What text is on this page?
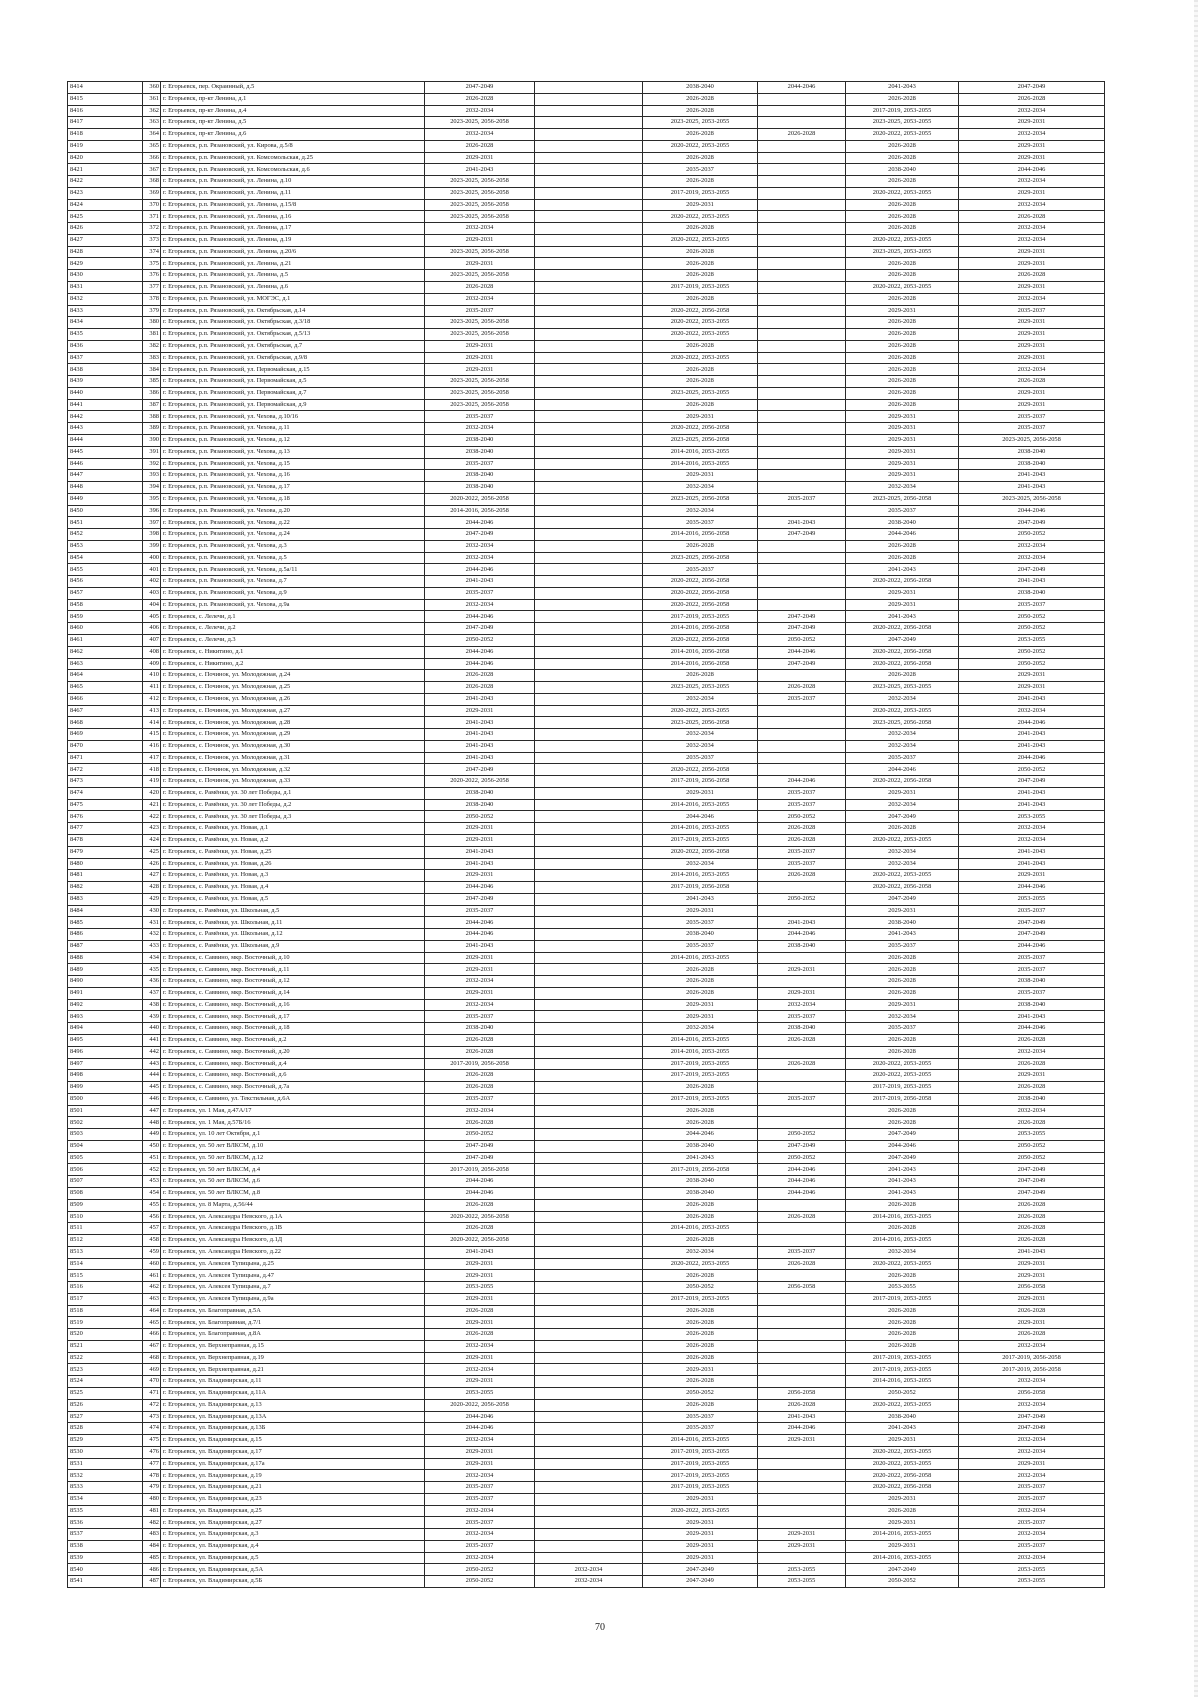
8414	360	г. Егорьевск, пер. Окраинный, д.5	2047-2049		2038-2040	2044-2046	2041-2043	2047-2049
8415	361	г. Егорьевск, пр-кт Ленина, д.1	2026-2028		2026-2028		2026-2028	2026-2028
8416	362	г. Егорьевск, пр-кт Ленина, д.4	2032-2034		2026-2028		2017-2019, 2053-2055	2032-2034
8417	363	г. Егорьевск, пр-кт Ленина, д.5	2023-2025, 2056-2058		2023-2025, 2053-2055		2023-2025, 2053-2055	2029-2031
8418	364	г. Егорьевск, пр-кт Ленина, д.6	2032-2034		2026-2028	2026-2028	2020-2022, 2053-2055	2032-2034
8419	365	г. Егорьевск, р.п. Рязановский, ул. Кирова, д.5/8	2026-2028		2020-2022, 2053-2055		2026-2028	2029-2031
8420	366	г. Егорьевск, р.п. Рязановский, ул. Комсомольская, д.25	2029-2031		2026-2028		2026-2028	2029-2031
8421	367	г. Егорьевск, р.п. Рязановский, ул. Комсомольская, д.6	2041-2043		2035-2037		2038-2040	2044-2046
8422	368	г. Егорьевск, р.п. Рязановский, ул. Ленина, д.10	2023-2025, 2056-2058		2026-2028		2026-2028	2032-2034
8423	369	г. Егорьевск, р.п. Рязановский, ул. Ленина, д.11	2023-2025, 2056-2058		2017-2019, 2053-2055		2020-2022, 2053-2055	2029-2031
8424	370	г. Егорьевск, р.п. Рязановский, ул. Ленина, д.15/8	2023-2025, 2056-2058		2029-2031		2026-2028	2032-2034
8425	371	г. Егорьевск, р.п. Рязановский, ул. Ленина, д.16	2023-2025, 2056-2058		2020-2022, 2053-2055		2026-2028	2026-2028
8426	372	г. Егорьевск, р.п. Рязановский, ул. Ленина, д.17	2032-2034		2026-2028		2026-2028	2032-2034
8427	373	г. Егорьевск, р.п. Рязановский, ул. Ленина, д.19	2029-2031		2020-2022, 2053-2055		2020-2022, 2053-2055	2032-2034
8428	374	г. Егорьевск, р.п. Рязановский, ул. Ленина, д.20/6	2023-2025, 2056-2058		2026-2028		2023-2025, 2053-2055	2029-2031
8429	375	г. Егорьевск, р.п. Рязановский, ул. Ленина, д.21	2029-2031		2026-2028		2026-2028	2029-2031
8430	376	г. Егорьевск, р.п. Рязановский, ул. Ленина, д.5	2023-2025, 2056-2058		2026-2028		2026-2028	2026-2028
8431	377	г. Егорьевск, р.п. Рязановский, ул. Ленина, д.6	2026-2028		2017-2019, 2053-2055		2020-2022, 2053-2055	2029-2031
8432	378	г. Егорьевск, р.п. Рязановский, ул. МОГЭС, д.1	2032-2034		2026-2028		2026-2028	2032-2034
8433	379	г. Егорьевск, р.п. Рязановский, ул. Октябрьская, д.14	2035-2037		2020-2022, 2056-2058		2029-2031	2035-2037
8434	380	г. Егорьевск, р.п. Рязановский, ул. Октябрьская, д.3/18	2023-2025, 2056-2058		2020-2022, 2053-2055		2026-2028	2029-2031
8435	381	г. Егорьевск, р.п. Рязановский, ул. Октябрьская, д.5/13	2023-2025, 2056-2058		2020-2022, 2053-2055		2026-2028	2029-2031
8436	382	г. Егорьевск, р.п. Рязановский, ул. Октябрьская, д.7	2029-2031		2026-2028		2026-2028	2029-2031
8437	383	г. Егорьевск, р.п. Рязановский, ул. Октябрьская, д.9/8	2029-2031		2020-2022, 2053-2055		2026-2028	2029-2031
8438	384	г. Егорьевск, р.п. Рязановский, ул. Первомайская, д.15	2029-2031		2026-2028		2026-2028	2032-2034
8439	385	г. Егорьевск, р.п. Рязановский, ул. Первомайская, д.5	2023-2025, 2056-2058		2026-2028		2026-2028	2026-2028
8440	386	г. Егорьевск, р.п. Рязановский, ул. Первомайская, д.7	2023-2025, 2056-2058		2023-2025, 2053-2055		2026-2028	2029-2031
8441	387	г. Егорьевск, р.п. Рязановский, ул. Первомайская, д.9	2023-2025, 2056-2058		2026-2028		2026-2028	2029-2031
8442	388	г. Егорьевск, р.п. Рязановский, ул. Чехова, д.10/16	2035-2037		2029-2031		2029-2031	2035-2037
8443	389	г. Егорьевск, р.п. Рязановский, ул. Чехова, д.11	2032-2034		2020-2022, 2056-2058		2029-2031	2035-2037
8444	390	г. Егорьевск, р.п. Рязановский, ул. Чехова, д.12	2038-2040		2023-2025, 2056-2058		2029-2031	2023-2025, 2056-2058
8445	391	г. Егорьевск, р.п. Рязановский, ул. Чехова, д.13	2038-2040		2014-2016, 2053-2055		2029-2031	2038-2040
8446	392	г. Егорьевск, р.п. Рязановский, ул. Чехова, д.15	2035-2037		2014-2016, 2053-2055		2029-2031	2038-2040
8447	393	г. Егорьевск, р.п. Рязановский, ул. Чехова, д.16	2038-2040		2029-2031		2029-2031	2041-2043
8448	394	г. Егорьевск, р.п. Рязановский, ул. Чехова, д.17	2038-2040		2032-2034		2032-2034	2041-2043
8449	395	г. Егорьевск, р.п. Рязановский, ул. Чехова, д.18	2020-2022, 2056-2058		2023-2025, 2056-2058	2035-2037	2023-2025, 2056-2058	2023-2025, 2056-2058
8450	396	г. Егорьевск, р.п. Рязановский, ул. Чехова, д.20	2014-2016, 2056-2058		2032-2034		2035-2037	2044-2046
8451	397	г. Егорьевск, р.п. Рязановский, ул. Чехова, д.22	2044-2046		2035-2037	2041-2043	2038-2040	2047-2049
8452	398	г. Егорьевск, р.п. Рязановский, ул. Чехова, д.24	2047-2049		2014-2016, 2056-2058	2047-2049	2044-2046	2050-2052
8453	399	г. Егорьевск, р.п. Рязановский, ул. Чехова, д.3	2032-2034		2026-2028		2026-2028	2032-2034
8454	400	г. Егорьевск, р.п. Рязановский, ул. Чехова, д.5	2032-2034		2023-2025, 2056-2058		2026-2028	2032-2034
8455	401	г. Егорьевск, р.п. Рязановский, ул. Чехова, д.5а/11	2044-2046		2035-2037		2041-2043	2047-2049
8456	402	г. Егорьевск, р.п. Рязановский, ул. Чехова, д.7	2041-2043		2020-2022, 2056-2058		2020-2022, 2056-2058	2041-2043
8457	403	г. Егорьевск, р.п. Рязановский, ул. Чехова, д.9	2035-2037		2020-2022, 2056-2058		2029-2031	2038-2040
8458	404	г. Егорьевск, р.п. Рязановский, ул. Чехова, д.9а	2032-2034		2020-2022, 2056-2058		2029-2031	2035-2037
8459	405	г. Егорьевск, с. Лелечи, д.1	2044-2046		2017-2019, 2053-2055	2047-2049	2041-2043	2050-2052
8460	406	г. Егорьевск, с. Лелечи, д.2	2047-2049		2014-2016, 2056-2058	2047-2049	2020-2022, 2056-2058	2050-2052
8461	407	г. Егорьевск, с. Лелечи, д.3	2050-2052		2020-2022, 2056-2058	2050-2052	2047-2049	2053-2055
8462	408	г. Егорьевск, с. Никитино, д.1	2044-2046		2014-2016, 2056-2058	2044-2046	2020-2022, 2056-2058	2050-2052
8463	409	г. Егорьевск, с. Никитино, д.2	2044-2046		2014-2016, 2056-2058	2047-2049	2020-2022, 2056-2058	2050-2052
8464	410	г. Егорьевск, с. Починок, ул. Молодежная, д.24	2026-2028		2026-2028		2026-2028	2029-2031
8465	411	г. Егорьевск, с. Починок, ул. Молодежная, д.25	2026-2028		2023-2025, 2053-2055	2026-2028	2023-2025, 2053-2055	2029-2031
8466	412	г. Егорьевск, с. Починок, ул. Молодежная, д.26	2041-2043		2032-2034	2035-2037	2032-2034	2041-2043
8467	413	г. Егорьевск, с. Починок, ул. Молодежная, д.27	2029-2031		2020-2022, 2053-2055		2020-2022, 2053-2055	2032-2034
8468	414	г. Егорьевск, с. Починок, ул. Молодежная, д.28	2041-2043		2023-2025, 2056-2058		2023-2025, 2056-2058	2044-2046
8469	415	г. Егорьевск, с. Починок, ул. Молодежная, д.29	2041-2043		2032-2034		2032-2034	2041-2043
8470	416	г. Егорьевск, с. Починок, ул. Молодежная, д.30	2041-2043		2032-2034		2032-2034	2041-2043
8471	417	г. Егорьевск, с. Починок, ул. Молодежная, д.31	2041-2043		2035-2037		2035-2037	2044-2046
8472	418	г. Егорьевск, с. Починок, ул. Молодежная, д.32	2047-2049		2020-2022, 2056-2058		2044-2046	2050-2052
8473	419	г. Егорьевск, с. Починок, ул. Молодежная, д.33	2020-2022, 2056-2058		2017-2019, 2056-2058	2044-2046	2020-2022, 2056-2058	2047-2049
8474	420	г. Егорьевск, с. Рамёнки, ул. 30 лет Победы, д.1	2038-2040		2029-2031	2035-2037	2029-2031	2041-2043
8475	421	г. Егорьевск, с. Рамёнки, ул. 30 лет Победы, д.2	2038-2040		2014-2016, 2053-2055	2035-2037	2032-2034	2041-2043
8476	422	г. Егорьевск, с. Рамёнки, ул. 30 лет Победы, д.3	2050-2052		2044-2046	2050-2052	2047-2049	2053-2055
8477	423	г. Егорьевск, с. Рамёнки, ул. Новая, д.1	2029-2031		2014-2016, 2053-2055	2026-2028	2026-2028	2032-2034
8478	424	г. Егорьевск, с. Рамёнки, ул. Новая, д.2	2029-2031		2017-2019, 2053-2055	2026-2028	2020-2022, 2053-2055	2032-2034
8479	425	г. Егорьевск, с. Рамёнки, ул. Новая, д.25	2041-2043		2020-2022, 2056-2058	2035-2037	2032-2034	2041-2043
8480	426	г. Егорьевск, с. Рамёнки, ул. Новая, д.26	2041-2043		2032-2034	2035-2037	2032-2034	2041-2043
8481	427	г. Егорьевск, с. Рамёнки, ул. Новая, д.3	2029-2031		2014-2016, 2053-2055	2026-2028	2020-2022, 2053-2055	2029-2031
8482	428	г. Егорьевск, с. Рамёнки, ул. Новая, д.4	2044-2046		2017-2019, 2056-2058		2020-2022, 2056-2058	2044-2046
8483	429	г. Егорьевск, с. Рамёнки, ул. Новая, д.5	2047-2049		2041-2043	2050-2052	2047-2049	2053-2055
8484	430	г. Егорьевск, с. Рамёнки, ул. Школьная, д.5	2035-2037		2029-2031		2029-2031	2035-2037
8485	431	г. Егорьевск, с. Рамёнки, ул. Школьная, д.11	2044-2046		2035-2037	2041-2043	2038-2040	2047-2049
8486	432	г. Егорьевск, с. Рамёнки, ул. Школьная, д.12	2044-2046		2038-2040	2044-2046	2041-2043	2047-2049
8487	433	г. Егорьевск, с. Рамёнки, ул. Школьная, д.9	2041-2043		2035-2037	2038-2040	2035-2037	2044-2046
8488	434	г. Егорьевск, с. Саввино, мкр. Восточный, д.10	2029-2031		2014-2016, 2053-2055		2026-2028	2035-2037
8489	435	г. Егорьевск, с. Саввино, мкр. Восточный, д.11	2029-2031		2026-2028	2029-2031	2026-2028	2035-2037
8490	436	г. Егорьевск, с. Саввино, мкр. Восточный, д.12	2032-2034		2026-2028		2026-2028	2038-2040
8491	437	г. Егорьевск, с. Саввино, мкр. Восточный, д.14	2029-2031		2026-2028	2029-2031	2026-2028	2035-2037
8492	438	г. Егорьевск, с. Саввино, мкр. Восточный, д.16	2032-2034		2029-2031	2032-2034	2029-2031	2038-2040
8493	439	г. Егорьевск, с. Саввино, мкр. Восточный, д.17	2035-2037		2029-2031	2035-2037	2032-2034	2041-2043
8494	440	г. Егорьевск, с. Саввино, мкр. Восточный, д.18	2038-2040		2032-2034	2038-2040	2035-2037	2044-2046
8495	441	г. Егорьевск, с. Саввино, мкр. Восточный, д.2	2026-2028		2014-2016, 2053-2055	2026-2028	2026-2028	2026-2028
8496	442	г. Егорьевск, с. Саввино, мкр. Восточный, д.20	2026-2028		2014-2016, 2053-2055		2026-2028	2032-2034
8497	443	г. Егорьевск, с. Саввино, мкр. Восточный, д.4	2017-2019, 2056-2058		2017-2019, 2053-2055	2026-2028	2020-2022, 2053-2055	2026-2028
8498	444	г. Егорьевск, с. Саввино, мкр. Восточный, д.6	2026-2028		2017-2019, 2053-2055		2020-2022, 2053-2055	2029-2031
8499	445	г. Егорьевск, с. Саввино, мкр. Восточный, д.7а	2026-2028		2026-2028		2017-2019, 2053-2055	2026-2028
8500	446	г. Егорьевск, с. Саввино, ул. Текстильная, д.6А	2035-2037		2017-2019, 2053-2055	2035-2037	2017-2019, 2056-2058	2038-2040
8501	447	г. Егорьевск, ул. 1 Мая, д.47А/17	2032-2034		2026-2028		2026-2028	2032-2034
8502	448	г. Егорьевск, ул. 1 Мая, д.57Б/16	2026-2028		2026-2028		2026-2028	2026-2028
8503	449	г. Егорьевск, ул. 10 лет Октября, д.1	2050-2052		2044-2046	2050-2052	2047-2049	2053-2055
8504	450	г. Егорьевск, ул. 50 лет ВЛКСМ, д.10	2047-2049		2038-2040	2047-2049	2044-2046	2050-2052
8505	451	г. Егорьевск, ул. 50 лет ВЛКСМ, д.12	2047-2049		2041-2043	2050-2052	2047-2049	2050-2052
8506	452	г. Егорьевск, ул. 50 лет ВЛКСМ, д.4	2017-2019, 2056-2058		2017-2019, 2056-2058	2044-2046	2041-2043	2047-2049
8507	453	г. Егорьевск, ул. 50 лет ВЛКСМ, д.6	2044-2046		2038-2040	2044-2046	2041-2043	2047-2049
8508	454	г. Егорьевск, ул. 50 лет ВЛКСМ, д.8	2044-2046		2038-2040	2044-2046	2041-2043	2047-2049
8509	455	г. Егорьевск, ул. 8 Марта, д.56/44	2026-2028		2026-2028		2026-2028	2026-2028
8510	456	г. Егорьевск, ул. Александра Невского, д.1А	2020-2022, 2056-2058		2026-2028	2026-2028	2014-2016, 2053-2055	2026-2028
8511	457	г. Егорьевск, ул. Александра Невского, д.1В	2026-2028		2014-2016, 2053-2055		2026-2028	2026-2028
8512	458	г. Егорьевск, ул. Александра Невского, д.1Д	2020-2022, 2056-2058		2026-2028		2014-2016, 2053-2055	2026-2028
8513	459	г. Егорьевск, ул. Александра Невского, д.22	2041-2043		2032-2034	2035-2037	2032-2034	2041-2043
8514	460	г. Егорьевск, ул. Алексея Тупицына, д.25	2029-2031		2020-2022, 2053-2055	2026-2028	2020-2022, 2053-2055	2029-2031
8515	461	г. Егорьевск, ул. Алексея Тупицына, д.47	2029-2031		2026-2028		2026-2028	2029-2031
8516	462	г. Егорьевск, ул. Алексея Тупицына, д.7	2053-2055		2050-2052	2056-2058	2053-2055	2056-2058
8517	463	г. Егорьевск, ул. Алексея Тупицына, д.9а	2029-2031		2017-2019, 2053-2055		2017-2019, 2053-2055	2029-2031
8518	464	г. Егорьевск, ул. Благоправная, д.5А	2026-2028		2026-2028		2026-2028	2026-2028
8519	465	г. Егорьевск, ул. Благоправная, д.7/1	2029-2031		2026-2028		2026-2028	2029-2031
8520	466	г. Егорьевск, ул. Благоправная, д.8А	2026-2028		2026-2028		2026-2028	2026-2028
8521	467	г. Егорьевск, ул. Верхнеправная, д.15	2032-2034		2026-2028		2026-2028	2032-2034
8522	468	г. Егорьевск, ул. Верхнеправная, д.19	2029-2031		2026-2028		2017-2019, 2053-2055	2017-2019, 2056-2058
8523	469	г. Егорьевск, ул. Верхнеправная, д.21	2032-2034		2029-2031		2017-2019, 2053-2055	2017-2019, 2056-2058
8524	470	г. Егорьевск, ул. Владимирская, д.11	2029-2031		2026-2028		2014-2016, 2053-2055	2032-2034
8525	471	г. Егорьевск, ул. Владимирская, д.11А	2053-2055		2050-2052	2056-2058	2050-2052	2056-2058
8526	472	г. Егорьевск, ул. Владимирская, д.13	2020-2022, 2056-2058		2026-2028	2026-2028	2020-2022, 2053-2055	2032-2034
8527	473	г. Егорьевск, ул. Владимирская, д.13А	2044-2046		2035-2037	2041-2043	2038-2040	2047-2049
8528	474	г. Егорьевск, ул. Владимирская, д.13Б	2044-2046		2035-2037	2044-2046	2041-2043	2047-2049
8529	475	г. Егорьевск, ул. Владимирская, д.15	2032-2034		2014-2016, 2053-2055	2029-2031	2029-2031	2032-2034
8530	476	г. Егорьевск, ул. Владимирская, д.17	2029-2031		2017-2019, 2053-2055		2020-2022, 2053-2055	2032-2034
8531	477	г. Егорьевск, ул. Владимирская, д.17а	2029-2031		2017-2019, 2053-2055		2020-2022, 2053-2055	2029-2031
8532	478	г. Егорьевск, ул. Владимирская, д.19	2032-2034		2017-2019, 2053-2055		2020-2022, 2056-2058	2032-2034
8533	479	г. Егорьевск, ул. Владимирская, д.21	2035-2037		2017-2019, 2053-2055		2020-2022, 2056-2058	2035-2037
8534	480	г. Егорьевск, ул. Владимирская, д.23	2035-2037		2029-2031		2029-2031	2035-2037
8535	481	г. Егорьевск, ул. Владимирская, д.25	2032-2034		2020-2022, 2053-2055		2026-2028	2032-2034
8536	482	г. Егорьевск, ул. Владимирская, д.27	2035-2037		2029-2031		2029-2031	2035-2037
8537	483	г. Егорьевск, ул. Владимирская, д.3	2032-2034		2029-2031	2029-2031	2014-2016, 2053-2055	2032-2034
8538	484	г. Егорьевск, ул. Владимирская, д.4	2035-2037		2029-2031	2029-2031	2029-2031	2035-2037
8539	485	г. Егорьевск, ул. Владимирская, д.5	2032-2034		2029-2031		2014-2016, 2053-2055	2032-2034
8540	486	г. Егорьевск, ул. Владимирская, д.5А	2050-2052	2032-2034	2047-2049	2053-2055	2047-2049	2053-2055
8541	487	г. Егорьевск, ул. Владимирская, д.5Б	2050-2052	2032-2034	2047-2049	2053-2055	2050-2052	2053-2055
70
